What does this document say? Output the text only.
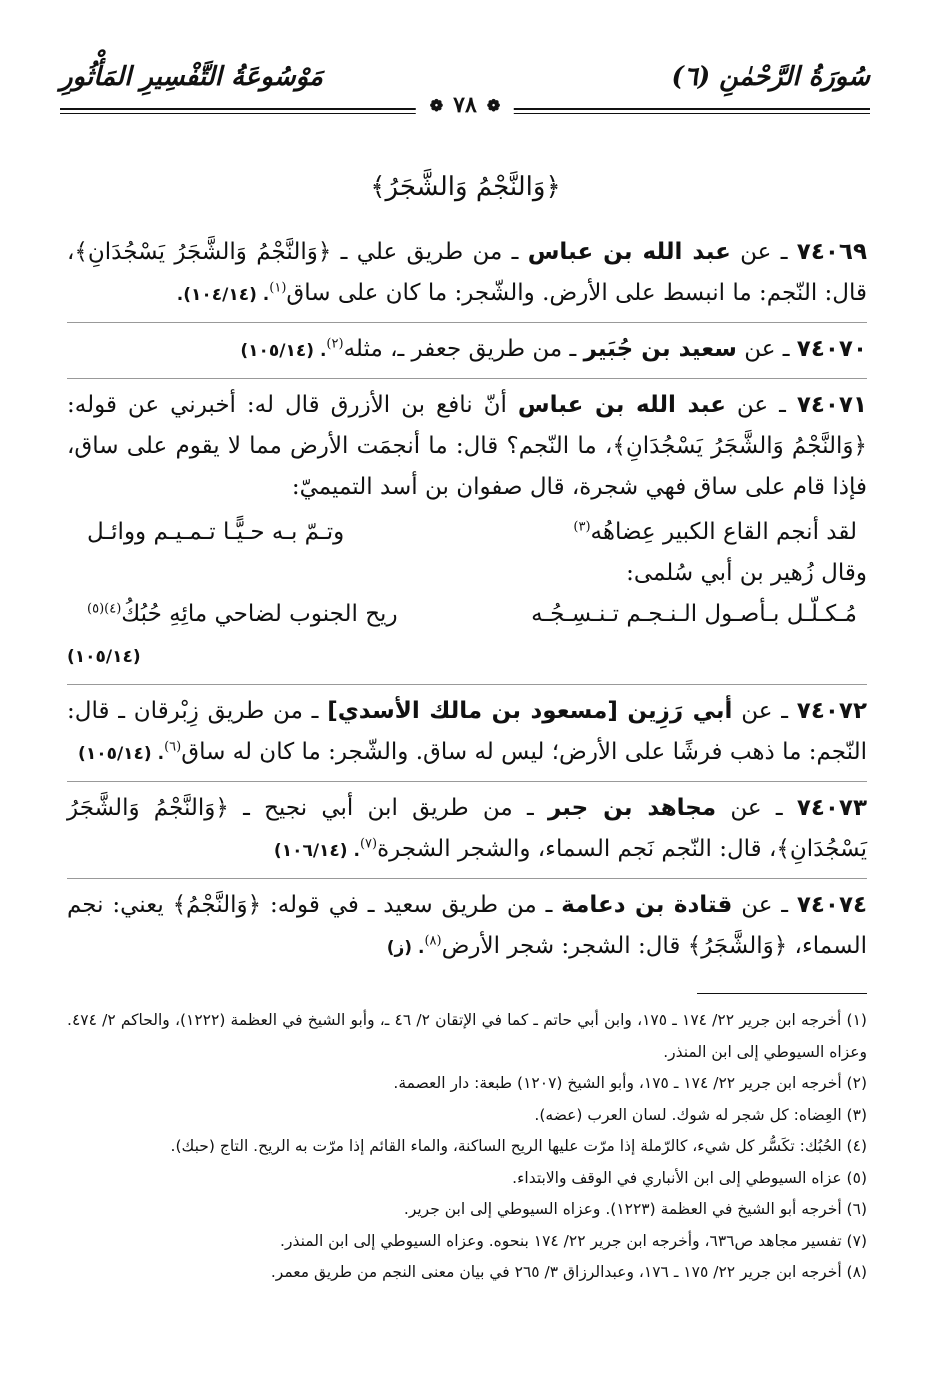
سُورَةُ الرَّحْمٰنِ (٦)
مَوْسُوعَةُ التَّفْسِيرِ المَأْثُورِ
❁ ٧٨ ❁
﴿وَالنَّجْمُ وَالشَّجَرُ﴾

٧٤٠٦٩ ـ عن عبد الله بن عباس ـ من طريق علي ـ ﴿وَالنَّجْمُ وَالشَّجَرُ يَسْجُدَانِ﴾، قال: النّجم: ما انبسط على الأرض. والشّجر: ما كان على ساق$^{(١)}$. (١٠٤/١٤).

٧٤٠٧٠ ـ عن سعيد بن جُبَير ـ من طريق جعفر ـ، مثله$^{(٢)}$. (١٠٥/١٤)

٧٤٠٧١ ـ عن عبد الله بن عباس أنّ نافع بن الأزرق قال له: أخبرني عن قوله: ﴿وَالنَّجْمُ وَالشَّجَرُ يَسْجُدَانِ﴾، ما النّجم؟ قال: ما أنجمَت الأرض مما لا يقوم على ساق، فإذا قام على ساق فهي شجرة، قال صفوان بن أسد التميميّ:

لقد أنجم القاع الكبير عِضاهُه$^{(٣)}$
وتـمّ بـه حـيًّـا تـمـيـم ووائـل
وقال زُهير بن أبي سُلمى:
مُـكـلّـل بـأصـول الـنـجـم تـنـسِـجُـه
ريح الجنوب لضاحي مائِهِ حُبُكُ$^{(٤)(٥)}$
(١٠٥/١٤)

٧٤٠٧٢ ـ عن أبي رَزِين [مسعود بن مالك الأسدي] ـ من طريق زِبْرقان ـ قال: النّجم: ما ذهب فرشًا على الأرض؛ ليس له ساق. والشّجر: ما كان له ساق$^{(٦)}$. (١٠٥/١٤)

٧٤٠٧٣ ـ عن مجاهد بن جبر ـ من طريق ابن أبي نجيح ـ ﴿وَالنَّجْمُ وَالشَّجَرُ يَسْجُدَانِ﴾، قال: النّجم نَجم السماء، والشجر الشجرة$^{(٧)}$. (١٠٦/١٤)

٧٤٠٧٤ ـ عن قتادة بن دعامة ـ من طريق سعيد ـ في قوله: ﴿وَالنَّجْمُ﴾ يعني: نجم السماء، ﴿وَالشَّجَرُ﴾ قال: الشجر: شجر الأرض$^{(٨)}$. (ز)

(١) أخرجه ابن جرير ٢٢/ ١٧٤ ـ ١٧٥، وابن أبي حاتم ـ كما في الإتقان ٢/ ٤٦ ـ، وأبو الشيخ في العظمة (١٢٢٢)، والحاكم ٢/ ٤٧٤. وعزاه السيوطي إلى ابن المنذر.

(٢) أخرجه ابن جرير ٢٢/ ١٧٤ ـ ١٧٥، وأبو الشيخ (١٢٠٧) طبعة: دار العصمة.

(٣) العِضاه: كل شجر له شوك. لسان العرب (عضه).

(٤) الحُبُك: تكَسُّر كل شيء، كالرّملة إذا مرّت عليها الريح الساكنة، والماء القائم إذا مرّت به الريح. التاج (حبك).

(٥) عزاه السيوطي إلى ابن الأنباري في الوقف والابتداء.

(٦) أخرجه أبو الشيخ في العظمة (١٢٢٣). وعزاه السيوطي إلى ابن جرير.

(٧) تفسير مجاهد ص٦٣٦، وأخرجه ابن جرير ٢٢/ ١٧٤ بنحوه. وعزاه السيوطي إلى ابن المنذر.

(٨) أخرجه ابن جرير ٢٢/ ١٧٥ ـ ١٧٦، وعبدالرزاق ٣/ ٢٦٥ في بيان معنى النجم من طريق معمر.
